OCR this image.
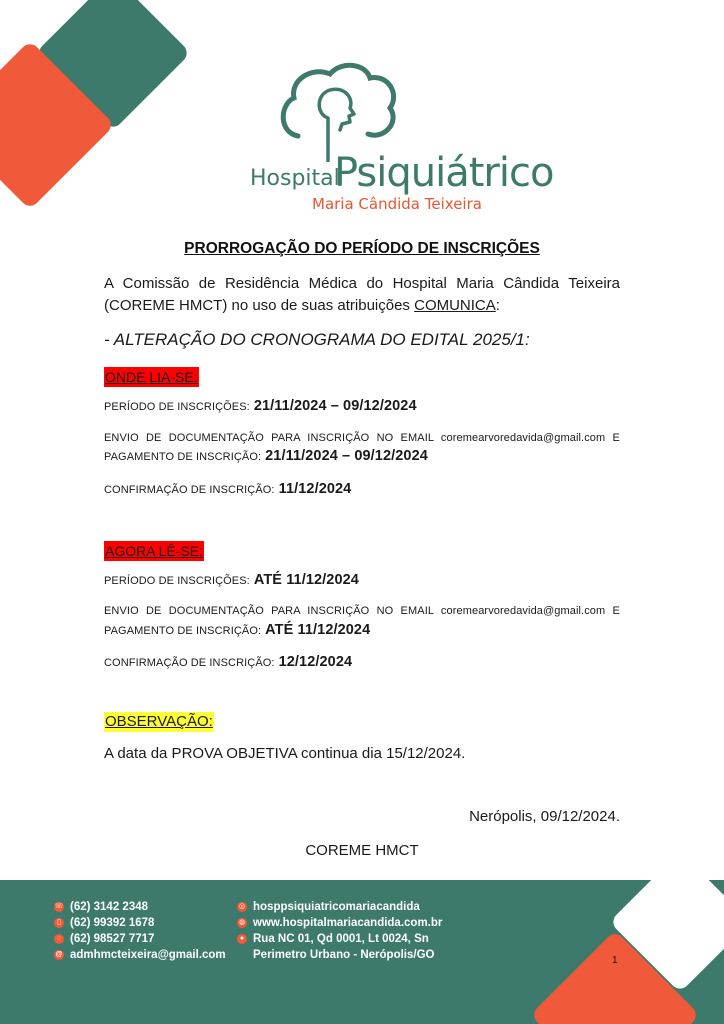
Hospital
Psiquiátrico
Maria Cândida Teixeira
PRORROGAÇÃO DO PERÍODO DE INSCRIÇÕES
A Comissão de Residência Médica do Hospital Maria Cândida Teixeira (COREME HMCT) no uso de suas atribuições COMUNICA:
- ALTERAÇÃO DO CRONOGRAMA DO EDITAL 2025/1:
ONDE LIA-SE:
PERÍODO DE INSCRIÇÕES: 21/11/2024 – 09/12/2024
ENVIO DE DOCUMENTAÇÃO PARA INSCRIÇÃO NO EMAIL coremearvoredavida@gmail.com E
PAGAMENTO DE INSCRIÇÃO: 21/11/2024 – 09/12/2024
CONFIRMAÇÃO DE INSCRIÇÃO: 11/12/2024
AGORA LÊ-SE:
PERÍODO DE INSCRIÇÕES: ATÉ 11/12/2024
ENVIO DE DOCUMENTAÇÃO PARA INSCRIÇÃO NO EMAIL coremearvoredavida@gmail.com E
PAGAMENTO DE INSCRIÇÃO: ATÉ 11/12/2024
CONFIRMAÇÃO DE INSCRIÇÃO: 12/12/2024
OBSERVAÇÃO:
A data da PROVA OBJETIVA continua dia 15/12/2024.
Nerópolis, 09/12/2024.
COREME HMCT
☏ (62) 3142 2348
▯ (62) 99392 1678
◌ (62) 98527 7717
@ admhmcteixeira@gmail.com
◎ hosppsiquiatricomariacandida
◍ www.hospitalmariacandida.com.br
● Rua NC 01, Qd 0001, Lt 0024, Sn
Perimetro Urbano - Nerópolis/GO	1
